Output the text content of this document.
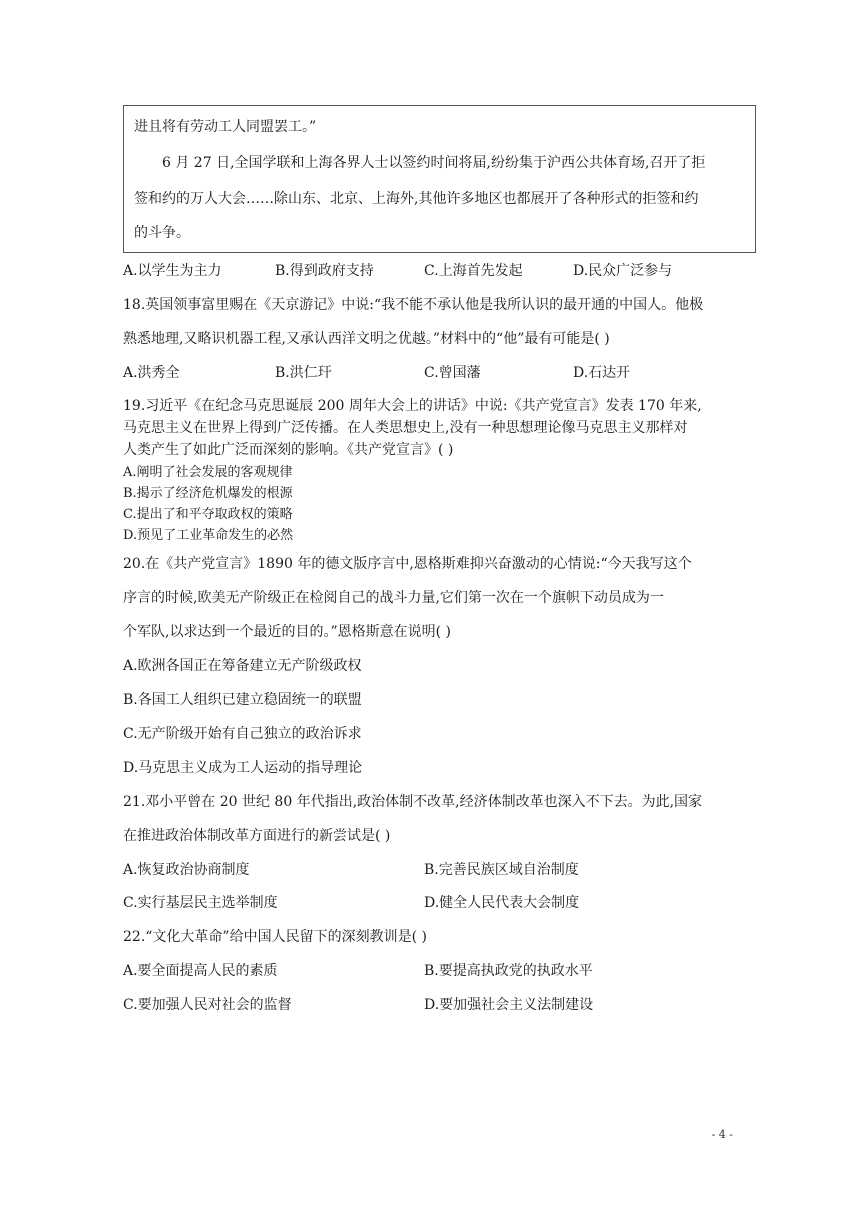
进且将有劳动工人同盟罢工。”
6 月 27 日,全国学联和上海各界人士以签约时间将届,纷纷集于沪西公共体育场,召开了拒
签和约的万人大会……除山东、北京、上海外,其他许多地区也都展开了各种形式的拒签和约
的斗争。
A.以学生为主力	B.得到政府支持	C.上海首先发起	D.民众广泛参与
18.英国领事富里赐在《天京游记》中说:“我不能不承认他是我所认识的最开通的中国人。他极
熟悉地理,又略识机器工程,又承认西洋文明之优越。”材料中的“他”最有可能是( )
A.洪秀全	B.洪仁玕	C.曾国藩	D.石达开
19.习近平《在纪念马克思诞辰 200 周年大会上的讲话》中说:《共产党宣言》发表 170 年来,
马克思主义在世界上得到广泛传播。在人类思想史上,没有一种思想理论像马克思主义那样对
人类产生了如此广泛而深刻的影响。《共产党宣言》( )
A.阐明了社会发展的客观规律
B.揭示了经济危机爆发的根源
C.提出了和平夺取政权的策略
D.预见了工业革命发生的必然
20.在《共产党宣言》1890 年的德文版序言中,恩格斯难抑兴奋激动的心情说:“今天我写这个
序言的时候,欧美无产阶级正在检阅自己的战斗力量,它们第一次在一个旗帜下动员成为一
个军队,以求达到一个最近的目的。”恩格斯意在说明( )
A.欧洲各国正在筹备建立无产阶级政权
B.各国工人组织已建立稳固统一的联盟
C.无产阶级开始有自己独立的政治诉求
D.马克思主义成为工人运动的指导理论
21.邓小平曾在 20 世纪 80 年代指出,政治体制不改革,经济体制改革也深入不下去。为此,国家
在推进政治体制改革方面进行的新尝试是( )
A.恢复政治协商制度	B.完善民族区域自治制度
C.实行基层民主选举制度	D.健全人民代表大会制度
22.“文化大革命”给中国人民留下的深刻教训是( )
A.要全面提高人民的素质	B.要提高执政党的执政水平
C.要加强人民对社会的监督	D.要加强社会主义法制建设
- 4 -
